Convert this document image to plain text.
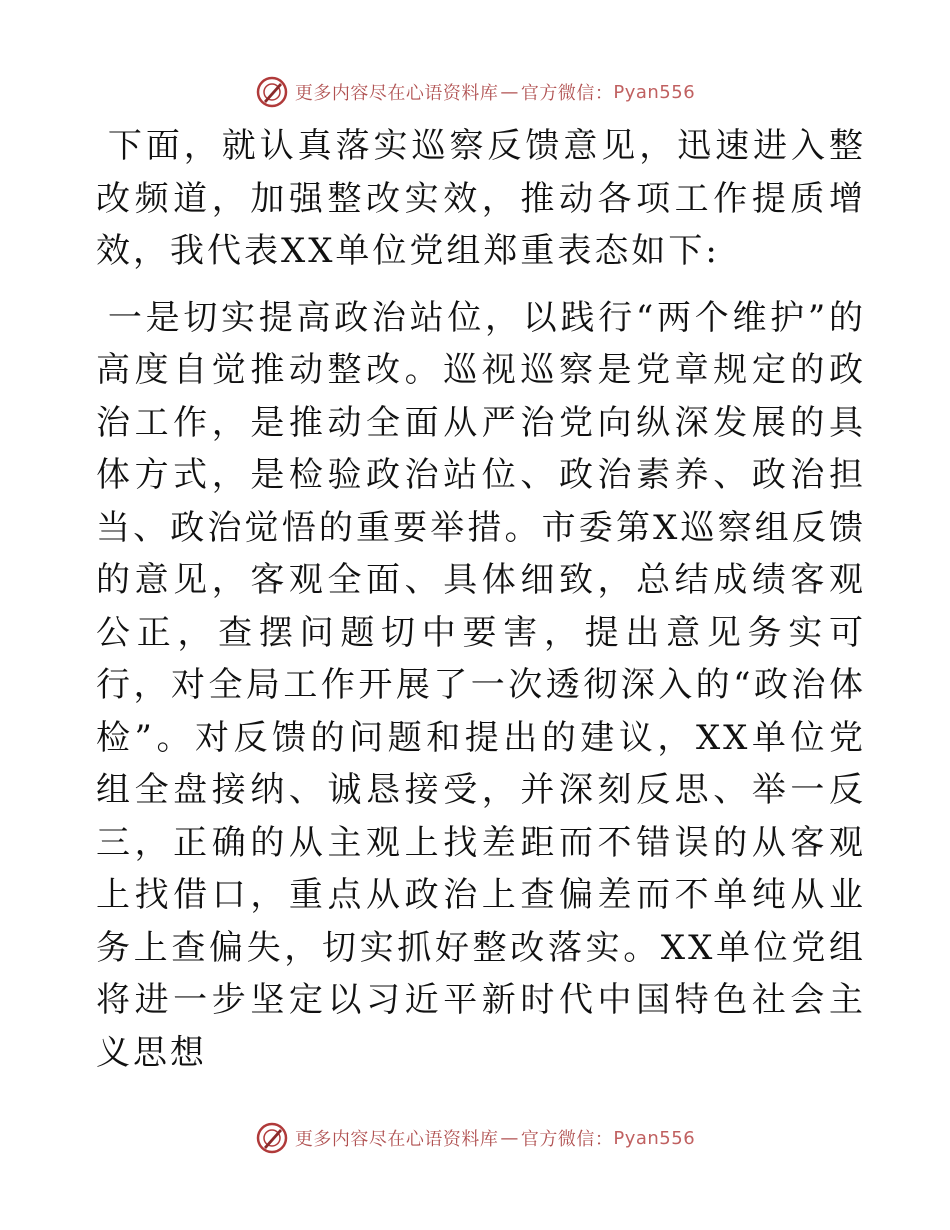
更多内容尽在心语资料库 — 官方微信： Pyan556

下面，就认真落实巡察反馈意见，迅速进入整改频道，加强整改实效，推动各项工作提质增效，我代表XX单位党组郑重表态如下:

一是切实提高政治站位，以践行“两个维护”的高度自觉推动整改。巡视巡察是党章规定的政治工作，是推动全面从严治党向纵深发展的具体方式，是检验政治站位、政治素养、政治担当、政治觉悟的重要举措。市委第X巡察组反馈的意见，客观全面、具体细致，总结成绩客观公正，查摆问题切中要害，提出意见务实可行，对全局工作开展了一次透彻深入的“政治体检”。对反馈的问题和提出的建议，XX单位党组全盘接纳、诚恳接受，并深刻反思、举一反三，正确的从主观上找差距而不错误的从客观上找借口，重点从政治上查偏差而不单纯从业务上查偏失，切实抓好整改落实。XX单位党组将进一步坚定以习近平新时代中国特色社会主义思想

更多内容尽在心语资料库 — 官方微信： Pyan556
